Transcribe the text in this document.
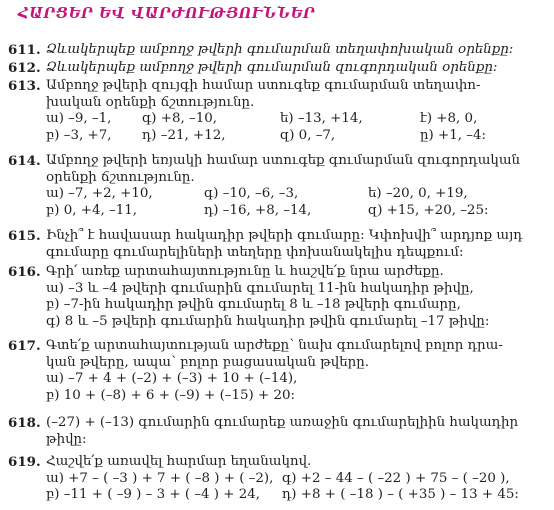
ՀԱՐՑԵՐ ԵՎ ՎԱՐԺՈՒԹՅՈՒՆՆԵՐ
611. Ձևակերպեք ամբողջ թվերի գումարման տեղափոխական օրենքը:
612. Ձևակերպեք ամբողջ թվերի գումարման զուգորդական օրենքը:
613. Ամբողջ թվերի զույգի համար ստուգեք գումարման տեղափո-
խական օրենքի ճշտությունը.
ա) –9, –1,	գ) +8, –10,	ե) –13, +14,	է) +8, 0,
բ) –3, +7,	դ) –21, +12,	զ) 0, –7,	ը) +1, –4:
614. Ամբողջ թվերի եռյակի համար ստուգեք գումարման զուգորդական
օրենքի ճշտությունը.
ա) –7, +2, +10,	գ) –10, –6, –3,	ե) –20, 0, +19,
բ) 0, +4, –11,	դ) –16, +8, –14,	զ) +15, +20, –25:
615. Ինչի՞ է հավասար հակադիր թվերի գումարը: Կփոխվի՞ արդյոք այդ
գումարը գումարելիների տեղերը փոխանակելիս դեպքում:
616. Գրի՛ առեք արտահայտությունը և հաշվե՛ք նրա արժեքը.
ա) –3 և –4 թվերի գումարին գումարել 11-ին հակադիր թիվը,
բ) –7-ին հակադիր թվին գումարել 8 և –18 թվերի գումարը,
գ) 8 և –5 թվերի գումարին հակադիր թվին գումարել –17 թիվը:
617. Գտե՛ք արտահայտության արժեքը՝ նախ գումարելով բոլոր դրա-
կան թվերը, ապա՝ բոլոր բացասական թվերը.
ա) –7 + 4 + (–2) + (–3) + 10 + (–14),
բ) 10 + (–8) + 6 + (–9) + (–15) + 20:
618. (–27) + (–13) գումարին գումարեք առաջին գումարելիին հակադիր
թիվը:
619. Հաշվե՛ք առավել հարմար եղանակով.
ա) +7 – ( –3 ) + 7 + ( –8 ) + ( –2), գ) +2 – 44 – ( –22 ) + 75 – ( –20 ),
բ) –11 + ( –9 ) – 3 + ( –4 ) + 24,	դ) +8 + ( –18 ) – ( +35 ) – 13 + 45:
